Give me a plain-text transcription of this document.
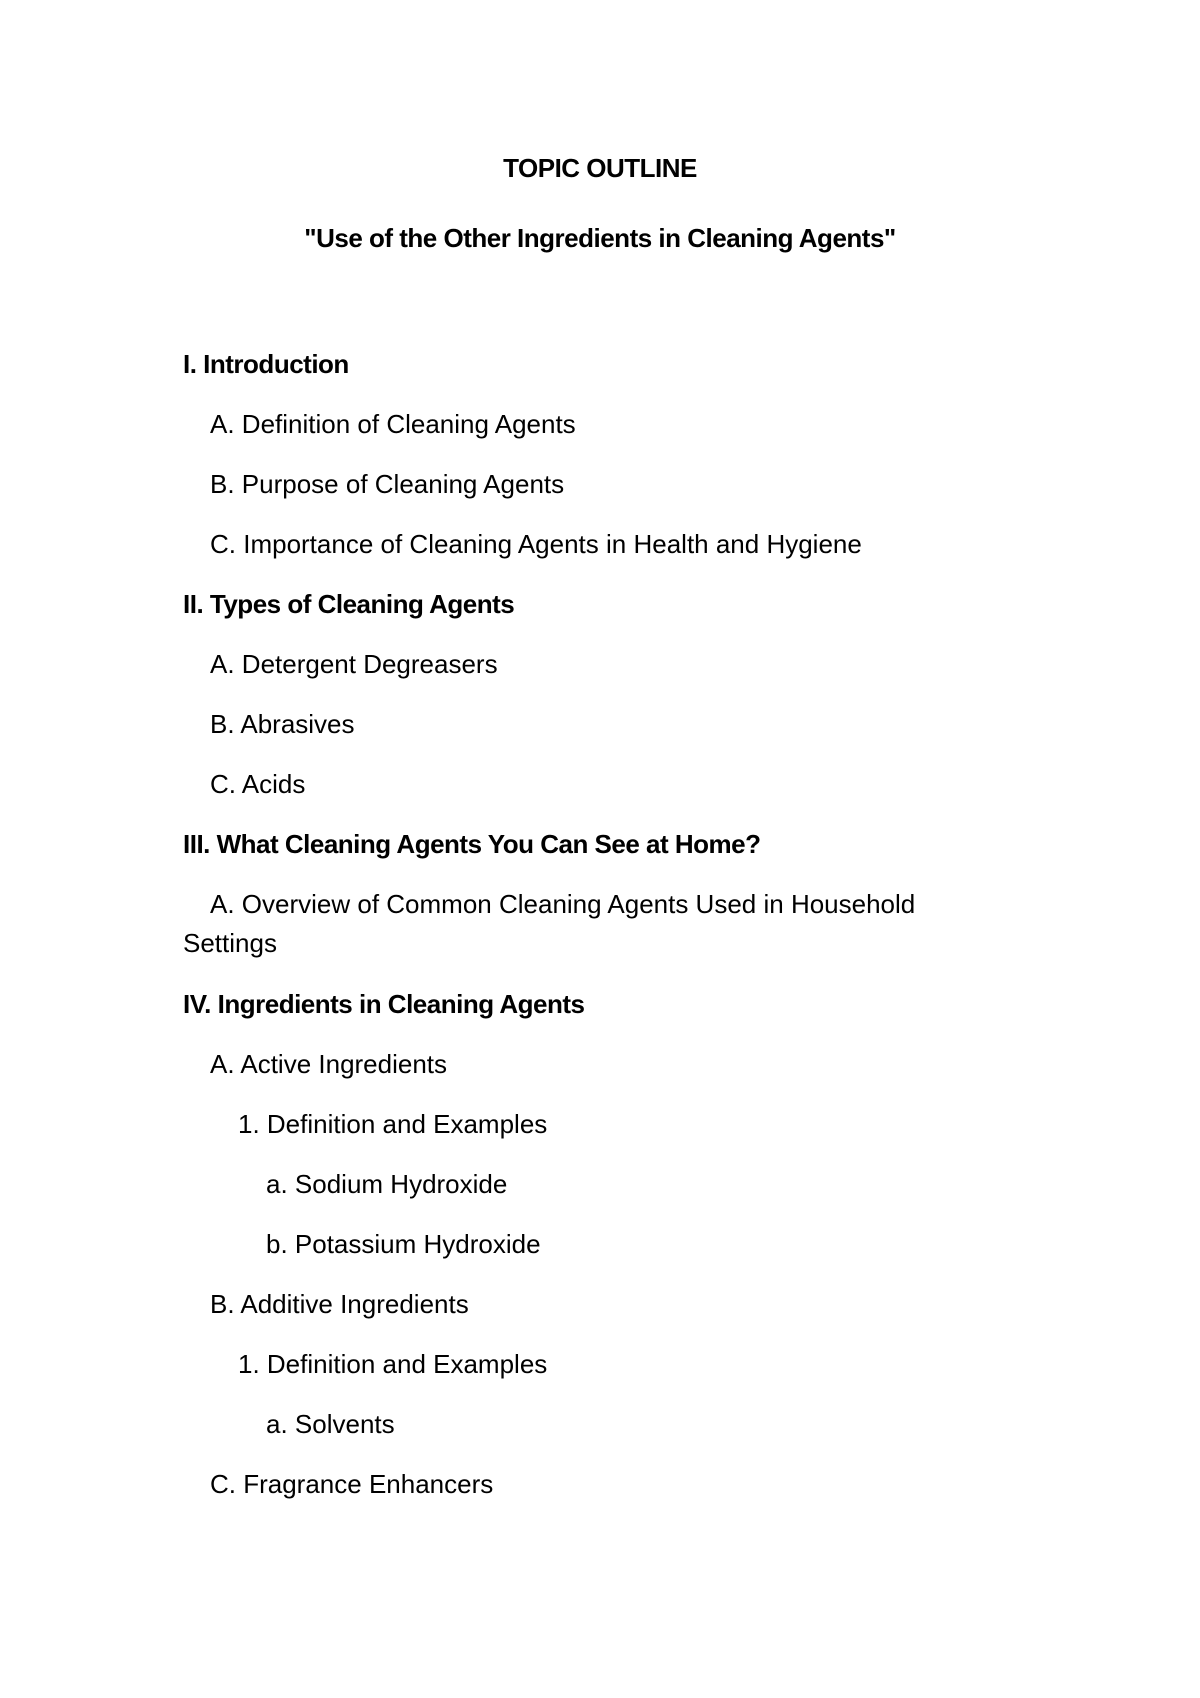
TOPIC OUTLINE
"Use of the Other Ingredients in Cleaning Agents"
I. Introduction
A. Definition of Cleaning Agents
B. Purpose of Cleaning Agents
C. Importance of Cleaning Agents in Health and Hygiene
II. Types of Cleaning Agents
A. Detergent Degreasers
B. Abrasives
C. Acids
III. What Cleaning Agents You Can See at Home?
A. Overview of Common Cleaning Agents Used in Household Settings
IV. Ingredients in Cleaning Agents
A. Active Ingredients
1. Definition and Examples
a. Sodium Hydroxide
b. Potassium Hydroxide
B. Additive Ingredients
1. Definition and Examples
a. Solvents
C. Fragrance Enhancers
